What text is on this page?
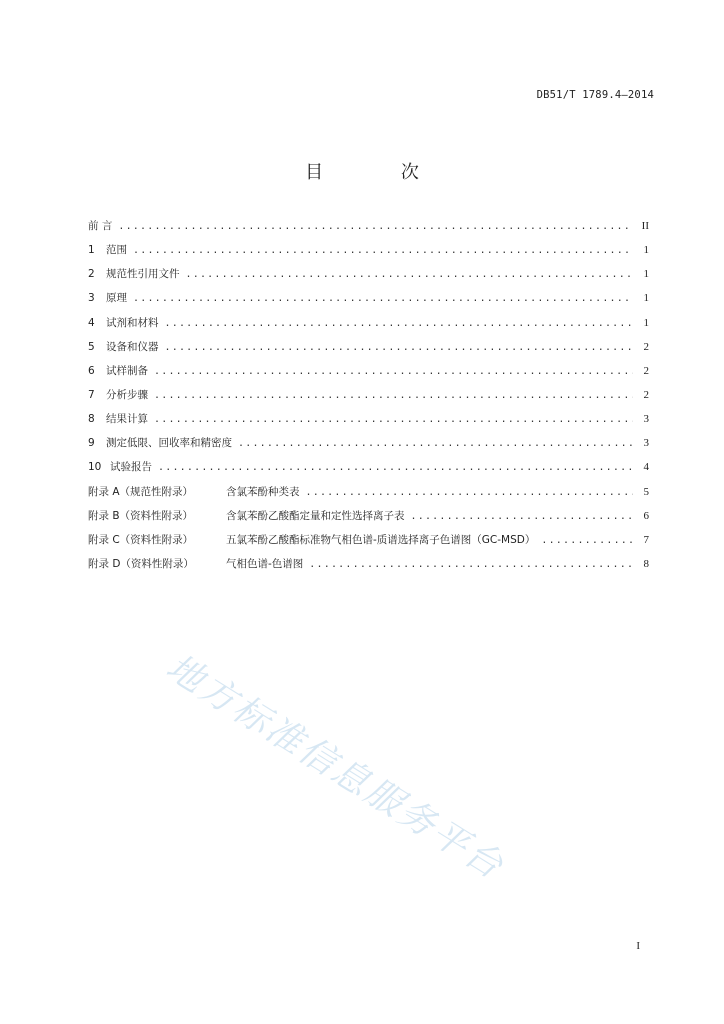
DB51/T 1789.4—2014
目 次
前 言 .....	II
1	范围 .....	1
2	规范性引用文件 .....	1
3	原理 .....	1
4	试剂和材料 .....	1
5	设备和仪器 .....	2
6	试样制备 .....	2
7	分析步骤 .....	2
8	结果计算 .....	3
9	测定低限、回收率和精密度 .....	3
10 试验报告 .....	4
附录 A（规范性附录）	含氯苯酚种类表 .....	5
附录 B（资料性附录）	含氯苯酚乙酸酯定量和定性选择离子表 .....	6
附录 C（资料性附录）	五氯苯酚乙酸酯标准物气相色谱-质谱选择离子色谱图（GC-MSD） .....	7
附录 D（资料性附录）	气相色谱-色谱图 .....	8
地方标准信息服务平台
I
